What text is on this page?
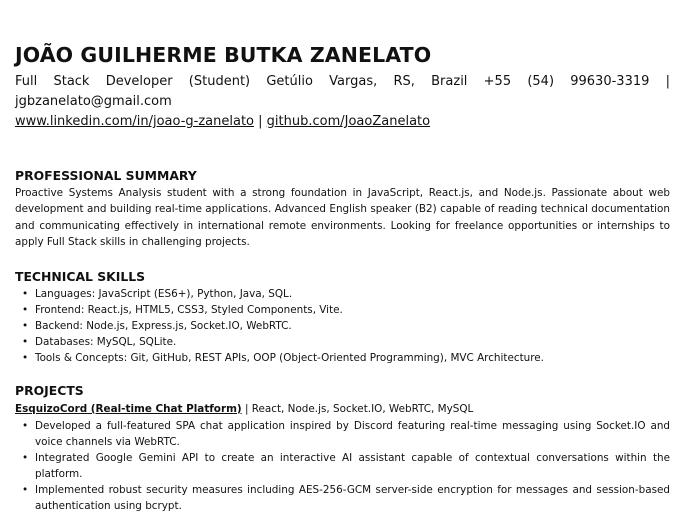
JOÃO GUILHERME BUTKA ZANELATO
Full Stack Developer (Student) Getúlio Vargas, RS, Brazil +55 (54) 99630-3319 | jgbzanelato@gmail.com
www.linkedin.com/in/joao-g-zanelato | github.com/JoaoZanelato
PROFESSIONAL SUMMARY

Proactive Systems Analysis student with a strong foundation in JavaScript, React.js, and Node.js. Passionate about web development and building real-time applications. Advanced English speaker (B2) capable of reading technical documentation and communicating effectively in international remote environments. Looking for freelance opportunities or internships to apply Full Stack skills in challenging projects.

TECHNICAL SKILLS
• Languages: JavaScript (ES6+), Python, Java, SQL.
• Frontend: React.js, HTML5, CSS3, Styled Components, Vite.
• Backend: Node.js, Express.js, Socket.IO, WebRTC.
• Databases: MySQL, SQLite.
• Tools & Concepts: Git, GitHub, REST APIs, OOP (Object-Oriented Programming), MVC Architecture.
PROJECTS
EsquizoCord (Real-time Chat Platform) | React, Node.js, Socket.IO, WebRTC, MySQL
• Developed a full-featured SPA chat application inspired by Discord featuring real-time messaging using Socket.IO and voice channels via WebRTC.
• Integrated Google Gemini API to create an interactive AI assistant capable of contextual conversations within the platform.
• Implemented robust security measures including AES-256-GCM server-side encryption for messages and session-based authentication using bcrypt.
